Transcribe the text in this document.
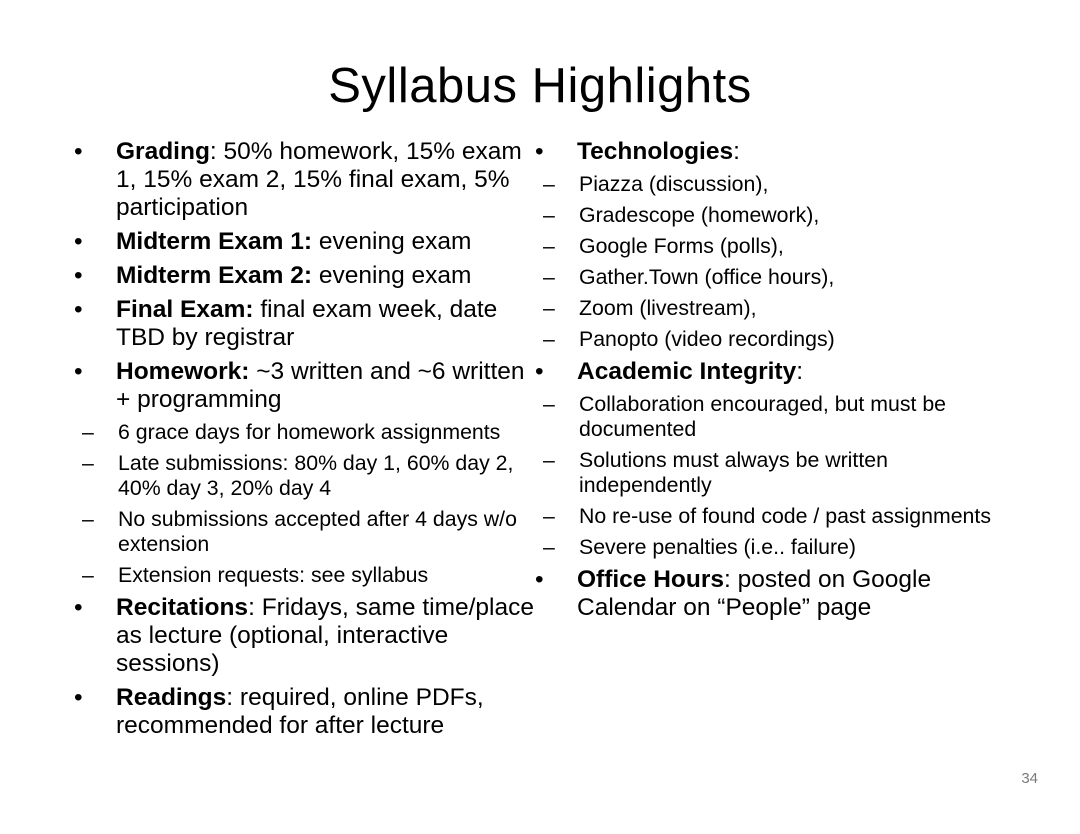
Syllabus Highlights
•	Grading: 50% homework, 15% exam 1, 15% exam 2, 15% final exam, 5% participation
•	Midterm Exam 1: evening exam
•	Midterm Exam 2: evening exam
•	Final Exam: final exam week, date TBD by registrar
•	Homework: ~3 written and ~6 written + programming
– 6 grace days for homework assignments
– Late submissions: 80% day 1, 60% day 2, 40% day 3, 20% day 4
– No submissions accepted after 4 days w/o extension
– Extension requests: see syllabus
•	Recitations: Fridays, same time/place as lecture (optional, interactive sessions)
•	Readings: required, online PDFs, recommended for after lecture
•	Technologies:
– Piazza (discussion),
– Gradescope (homework),
– Google Forms (polls),
– Gather.Town (office hours),
– Zoom (livestream),
– Panopto (video recordings)
•	Academic Integrity:
– Collaboration encouraged, but must be documented
– Solutions must always be written independently
– No re-use of found code / past assignments
– Severe penalties (i.e.. failure)
•	Office Hours: posted on Google Calendar on “People” page
34
